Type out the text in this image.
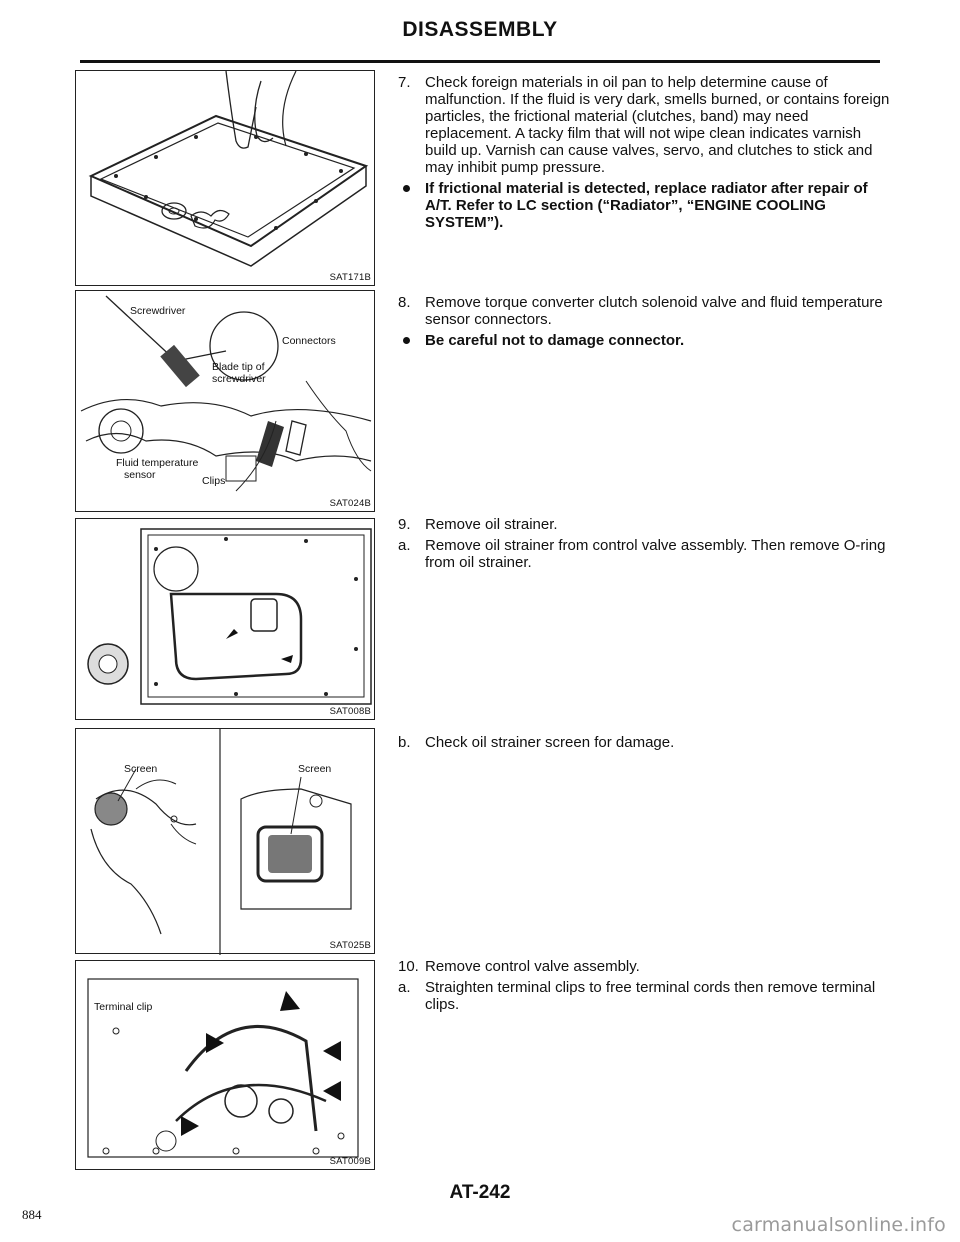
DISASSEMBLY
SAT171B
Screwdriver
Connectors
Blade tip of
screwdriver
Fluid temperature
sensor	Clips
SAT024B
SAT008B
Screen	Screen
SAT025B
Terminal clip
SAT009B
7. Check foreign materials in oil pan to help determine cause of malfunction. If the fluid is very dark, smells burned, or contains foreign particles, the frictional material (clutches, band) may need replacement. A tacky film that will not wipe clean indicates varnish build up. Varnish can cause valves, servo, and clutches to stick and may inhibit pump pressure.
If frictional material is detected, replace radiator after repair of A/T. Refer to LC section (“Radiator”, “ENGINE COOLING SYSTEM”).
8. Remove torque converter clutch solenoid valve and fluid temperature sensor connectors.
Be careful not to damage connector.
9. Remove oil strainer.
a. Remove oil strainer from control valve assembly. Then remove O-ring from oil strainer.
b. Check oil strainer screen for damage.
10. Remove control valve assembly.
a. Straighten terminal clips to free terminal cords then remove terminal clips.
AT-242
884	carmanualsonline.info
